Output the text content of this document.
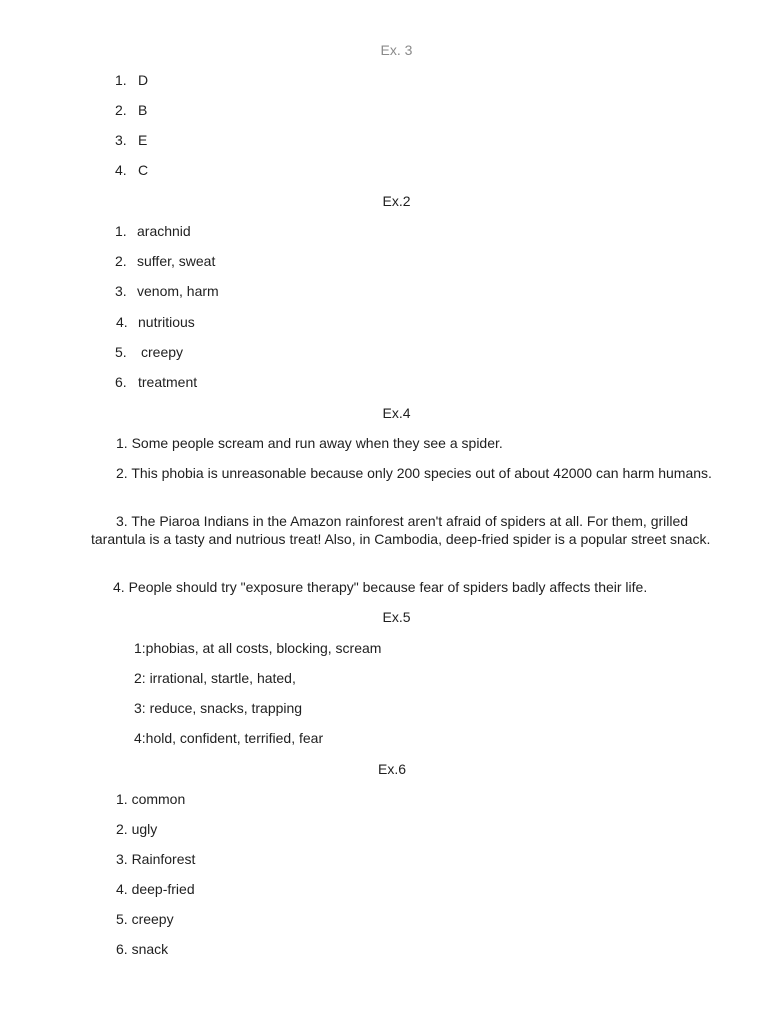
Ex. 3
1. D
2. B
3. E
4. C
Ex.2
1. arachnid
2. suffer, sweat
3. venom, harm
4. nutritious
5. creepy
6. treatment
Ex.4
1. Some people scream and run away when they see a spider.
2. This phobia is unreasonable because only 200 species out of about 42000 can harm humans.
3. The Piaroa Indians in the Amazon rainforest aren't afraid of spiders at all. For them, grilled tarantula is a tasty and nutrious treat! Also, in Cambodia, deep-fried spider is a popular street snack.
4. People should try "exposure therapy" because fear of spiders badly affects their life.
Ex.5
1:phobias, at all costs, blocking, scream
2: irrational, startle, hated,
3: reduce, snacks, trapping
4:hold, confident, terrified, fear
Ex.6
1. common
2. ugly
3. Rainforest
4. deep-fried
5. creepy
6. snack
